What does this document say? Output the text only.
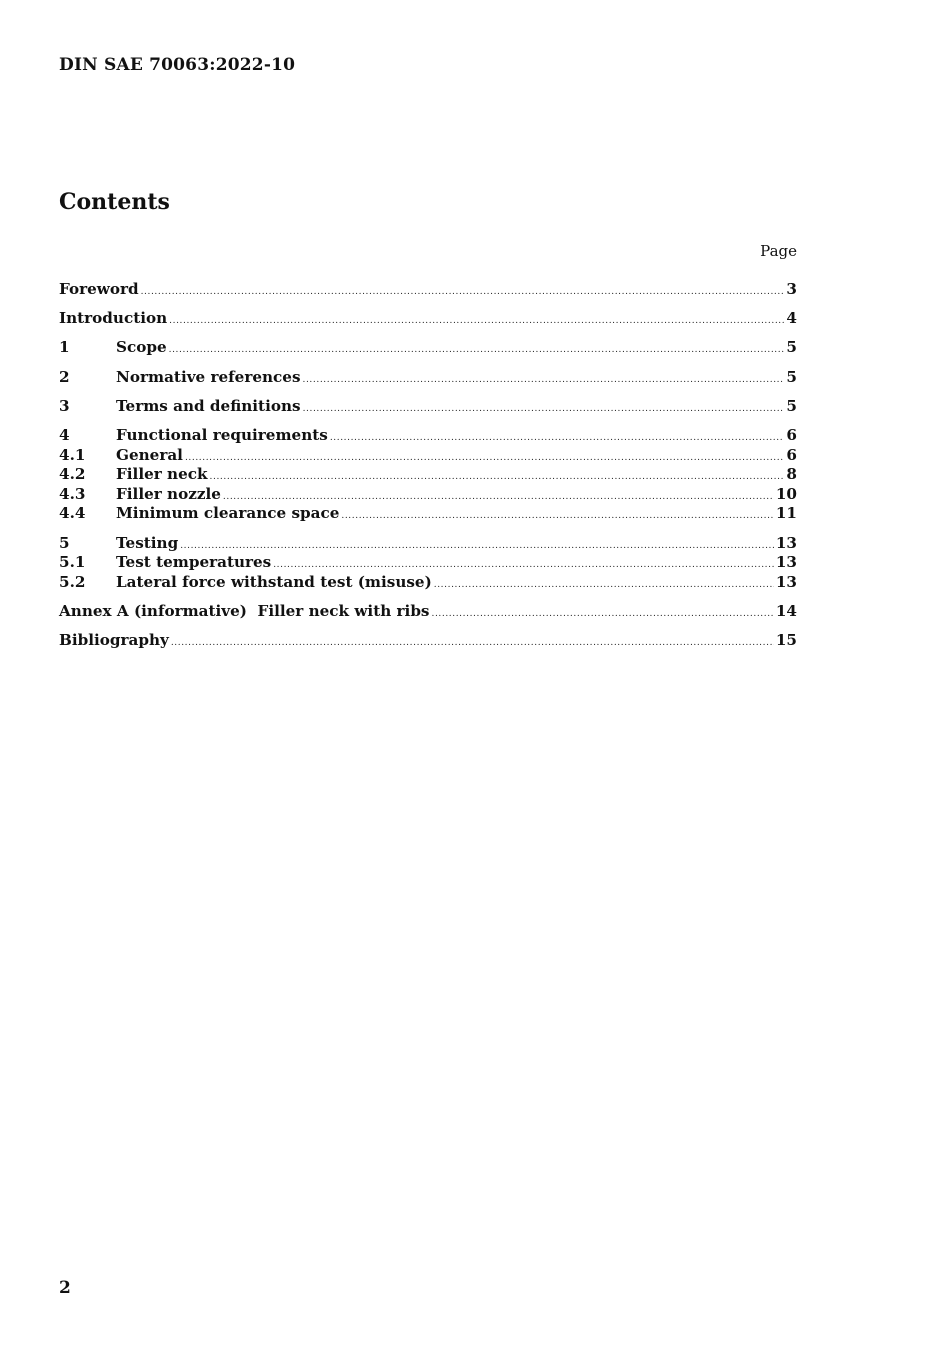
DIN SAE 70063:2022-10
Contents
Page
Foreword .....	3
Introduction .....	4
1	Scope .....	5
2	Normative references .....	5
3	Terms and definitions .....	5
4	Functional requirements .....	6
4.1	General .....	6
4.2	Filler neck .....	8
4.3	Filler nozzle .....	10
4.4	Minimum clearance space .....	11
5	Testing .....	13
5.1	Test temperatures .....	13
5.2	Lateral force withstand test (misuse) .....	13
Annex A (informative)  Filler neck with ribs .....	14
Bibliography .....	15
2
